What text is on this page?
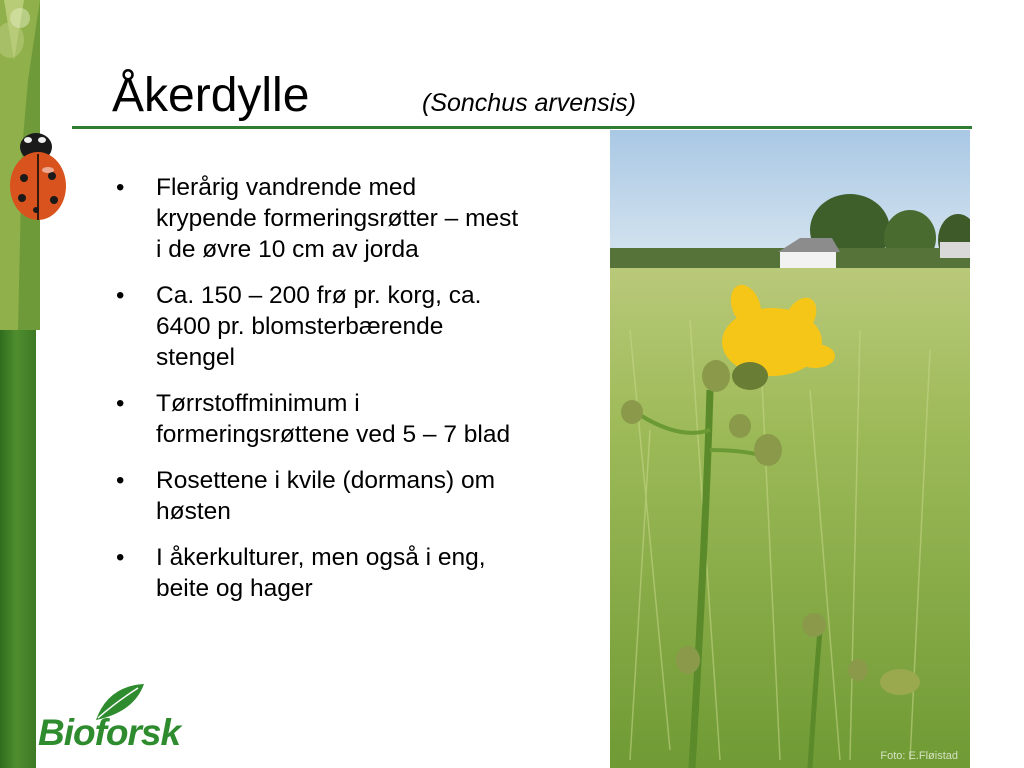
Åkerdylle	(Sonchus arvensis)
• Flerårig vandrende med krypende formeringsrøtter – mest i de øvre 10 cm av jorda
• Ca. 150 – 200 frø pr. korg, ca. 6400 pr. blomsterbærende stengel
• Tørrstoffminimum i formeringsrøttene ved 5 – 7 blad
• Rosettene i kvile (dormans) om høsten
• I åkerkulturer, men også i eng, beite og hager
Foto: E.Fløistad
Bioforsk
